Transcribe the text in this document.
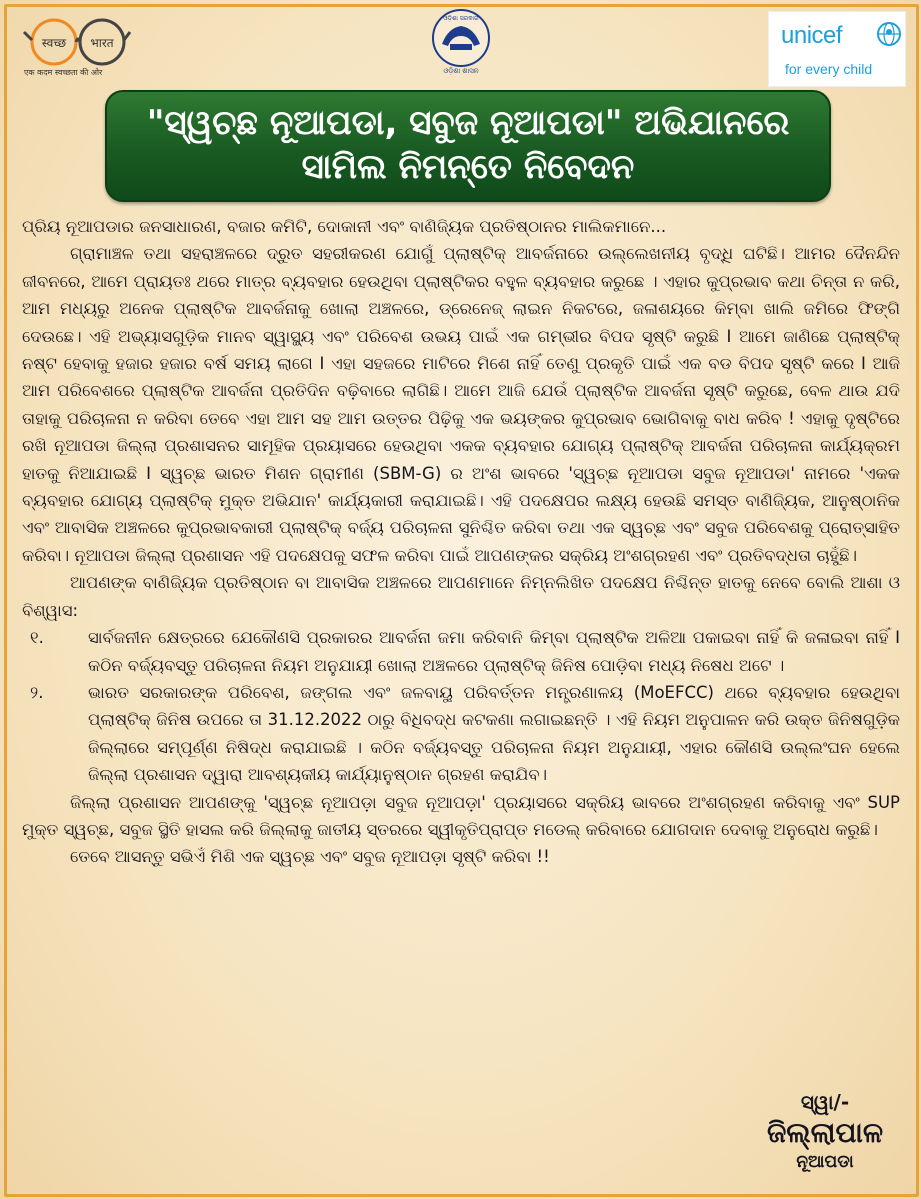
स्वच्छ भारत
एक कदम स्वच्छता की ओर
ଓଡ଼ିଶା ସରକାର
ଓଡ଼ିଶା ଶାସନ
unicef
for every child
"ସ୍ୱଚ୍ଛ ନୂଆପଡା, ସବୁଜ ନୂଆପଡା" ଅଭିଯାନରେ
ସାମିଲ ନିମନ୍ତେ ନିବେଦନ

ପ୍ରିୟ ନୂଆପଡାର ଜନସାଧାରଣ, ବଜାର କମିଟି, ଦୋକାନୀ ଏବଂ ବାଣିଜ୍ୟିକ ପ୍ରତିଷ୍ଠାନର ମାଲିକମାନେ...

ଗ୍ରାମାଞ୍ଚଳ ତଥା ସହରାଞ୍ଚଳରେ ଦ୍ରୁତ ସହରୀକରଣ ଯୋଗୁଁ ପ୍ଲାଷ୍ଟିକ୍ ଆବର୍ଜନାରେ ଉଲ୍ଲେଖନୀୟ ବୃଦ୍ଧି ଘଟିଛି। ଆମର ଦୈନନ୍ଦିନ ଜୀବନରେ, ଆମେ ପ୍ରାୟତଃ ଥରେ ମାତ୍ର ବ୍ୟବହାର ହେଉଥିବା ପ୍ଲାଷ୍ଟିକର ବହୁଳ ବ୍ୟବହାର କରୁଛେ । ଏହାର କୁପ୍ରଭାବ କଥା ଚିନ୍ତା ନ କରି, ଆମ ମଧ୍ୟରୁ ଅନେକ ପ୍ଲାଷ୍ଟିକ ଆବର୍ଜନାକୁ ଖୋଲା ଅଞ୍ଚଳରେ, ଡ୍ରେନେଜ୍ ଲାଇନ ନିକଟରେ, ଜଳାଶୟରେ କିମ୍ବା ଖାଲି ଜମିରେ ଫିଙ୍ଗି ଦେଉଛେ। ଏହି ଅଭ୍ୟାସଗୁଡ଼ିକ ମାନବ ସ୍ୱାସ୍ଥ୍ୟ ଏବଂ ପରିବେଶ ଉଭୟ ପାଇଁ ଏକ ଗମ୍ଭୀର ବିପଦ ସୃଷ୍ଟି କରୁଛି I ଆମେ ଜାଣିଛେ ପ୍ଲାଷ୍ଟିକ୍ ନଷ୍ଟ ହେବାକୁ ହଜାର ହଜାର ବର୍ଷ ସମୟ ଲାଗେ I ଏହା ସହଜରେ ମାଟିରେ ମିଶେ ନାହିଁ ତେଣୁ ପ୍ରକୃତି ପାଇଁ ଏକ ବଡ ବିପଦ ସୃଷ୍ଟି କରେ I ଆଜି ଆମ ପରିବେଶରେ ପ୍ଲାଷ୍ଟିକ ଆବର୍ଜନା ପ୍ରତିଦିନ ବଢ଼ିବାରେ ଲାଗିଛି। ଆମେ ଆଜି ଯେଉଁ ପ୍ଲାଷ୍ଟିକ ଆବର୍ଜନା ସୃଷ୍ଟି କରୁଛେ, ବେଳ ଥାଉ ଯଦି ତାହାକୁ ପରିଚାଳନା ନ କରିବା ତେବେ ଏହା ଆମ ସହ ଆମ ଉତ୍ତର ପିଢ଼ିକୁ ଏକ ଭୟଙ୍କର କୁପ୍ରଭାବ ଭୋଗିବାକୁ ବାଧ କରିବ ! ଏହାକୁ ଦୃଷ୍ଟିରେ ରଖି ନୂଆପଡା ଜିଲ୍ଲା ପ୍ରଶାସନର ସାମୂହିକ ପ୍ରୟାସରେ ହେଉଥିବା ଏକକ ବ୍ୟବହାର ଯୋଗ୍ୟ ପ୍ଲାଷ୍ଟିକ୍ ଆବର୍ଜନା ପରିଚାଳନା କାର୍ଯ୍ୟକ୍ରମ ହାତକୁ ନିଆଯାଇଛି I ସ୍ୱଚ୍ଛ ଭାରତ ମିଶନ ଗ୍ରାମୀଣ (SBM-G) ର ଅଂଶ ଭାବରେ 'ସ୍ୱଚ୍ଛ ନୂଆପଡା ସବୁଜ ନୂଆପଡା' ନାମରେ 'ଏକକ ବ୍ୟବହାର ଯୋଗ୍ୟ ପ୍ଲାଷ୍ଟିକ୍ ମୁକ୍ତ ଅଭିଯାନ' କାର୍ଯ୍ୟକାରୀ କରାଯାଇଛି। ଏହି ପଦକ୍ଷେପର ଲକ୍ଷ୍ୟ ହେଉଛି ସମସ୍ତ ବାଣିଜ୍ୟିକ, ଆନୁଷ୍ଠାନିକ ଏବଂ ଆବାସିକ ଅଞ୍ଚଳରେ କୁପ୍ରଭାବକାରୀ ପ୍ଲାଷ୍ଟିକ୍ ବର୍ଜ୍ୟ ପରିଚାଳନା ସୁନିଶ୍ଚିତ କରିବା ତଥା ଏକ ସ୍ୱଚ୍ଛ ଏବଂ ସବୁଜ ପରିବେଶକୁ ପ୍ରୋତ୍ସାହିତ କରିବା। ନୂଆପଡା ଜିଲ୍ଲା ପ୍ରଶାସନ ଏହି ପଦକ୍ଷେପକୁ ସଫଳ କରିବା ପାଇଁ ଆପଣଙ୍କର ସକ୍ରିୟ ଅଂଶଗ୍ରହଣ ଏବଂ ପ୍ରତିବଦ୍ଧତା ଚାହୁଁଛି।

ଆପଣଙ୍କ ବାଣିଜ୍ୟିକ ପ୍ରତିଷ୍ଠାନ ବା ଆବାସିକ ଅଞ୍ଚଳରେ ଆପଣମାନେ ନିମ୍ନଲିଖିତ ପଦକ୍ଷେପ ନିଶ୍ଚିନ୍ତ ହାତକୁ ନେବେ ବୋଲି ଆଶା ଓ ବିଶ୍ୱାସ:

୧.	ସାର୍ବଜନୀନ କ୍ଷେତ୍ରରେ ଯେକୌଣସି ପ୍ରକାରର ଆବର୍ଜନା ଜମା କରିବାନି କିମ୍ବା ପ୍ଲାଷ୍ଟିକ ଅଳିଆ ପକାଇବା ନାହିଁ କି ଜଳାଇବା ନାହିଁ I କଠିନ ବର୍ଜ୍ୟବସ୍ତୁ ପରିଚାଳନା ନିୟମ ଅନୁଯାୟୀ ଖୋଲା ଅଞ୍ଚଳରେ ପ୍ଲାଷ୍ଟିକ୍ ଜିନିଷ ପୋଡ଼ିବା ମଧ୍ୟ ନିଷେଧ ଅଟେ ।
୨.	ଭାରତ ସରକାରଙ୍କ ପରିବେଶ, ଜଙ୍ଗଲ ଏବଂ ଜଳବାୟୁ ପରିବର୍ତ୍ତନ ମନ୍ତ୍ରଣାଳୟ (MoEFCC) ଥରେ ବ୍ୟବହାର ହେଉଥିବା ପ୍ଲାଷ୍ଟିକ୍ ଜିନିଷ ଉପରେ ତା 31.12.2022 ଠାରୁ ବିଧିବଦ୍ଧ କଟକଣା ଲଗାଇଛନ୍ତି । ଏହି ନିୟମ ଅନୁପାଳନ କରି ଉକ୍ତ ଜିନିଷଗୁଡ଼ିକ ଜିଲ୍ଲାରେ ସମ୍ପୂର୍ଣ୍ଣ ନିଷିଦ୍ଧ କରାଯାଇଛି । କଠିନ ବର୍ଜ୍ୟବସ୍ତୁ ପରିଚାଳନା ନିୟମ ଅନୁଯାୟୀ, ଏହାର କୌଣସି ଉଲ୍ଲଂଘନ ହେଲେ ଜିଲ୍ଲା ପ୍ରଶାସନ ଦ୍ୱାରା ଆବଶ୍ୟକୀୟ କାର୍ଯ୍ୟାନୁଷ୍ଠାନ ଗ୍ରହଣ କରାଯିବ।

ଜିଲ୍ଲା ପ୍ରଶାସନ ଆପଣଙ୍କୁ 'ସ୍ୱଚ୍ଛ ନୂଆପଡ଼ା ସବୁଜ ନୂଆପଡ଼ା' ପ୍ରୟାସରେ ସକ୍ରିୟ ଭାବରେ ଅଂଶଗ୍ରହଣ କରିବାକୁ ଏବଂ SUP ମୁକ୍ତ ସ୍ୱଚ୍ଛ, ସବୁଜ ସ୍ଥିତି ହାସଲ କରି ଜିଲ୍ଲାକୁ ଜାତୀୟ ସ୍ତରରେ ସ୍ୱୀକୃତିପ୍ରାପ୍ତ ମଡେଲ୍ କରିବାରେ ଯୋଗଦାନ ଦେବାକୁ ଅନୁରୋଧ କରୁଛି।

ତେବେ ଆସନ୍ତୁ ସଭିଏଁ ମିଶି ଏକ ସ୍ୱଚ୍ଛ ଏବଂ ସବୁଜ ନୂଆପଡ଼ା ସୃଷ୍ଟି କରିବା !!

ସ୍ୱା/-
ଜିଲ୍ଲାପାଳ
ନୂଆପଡା
